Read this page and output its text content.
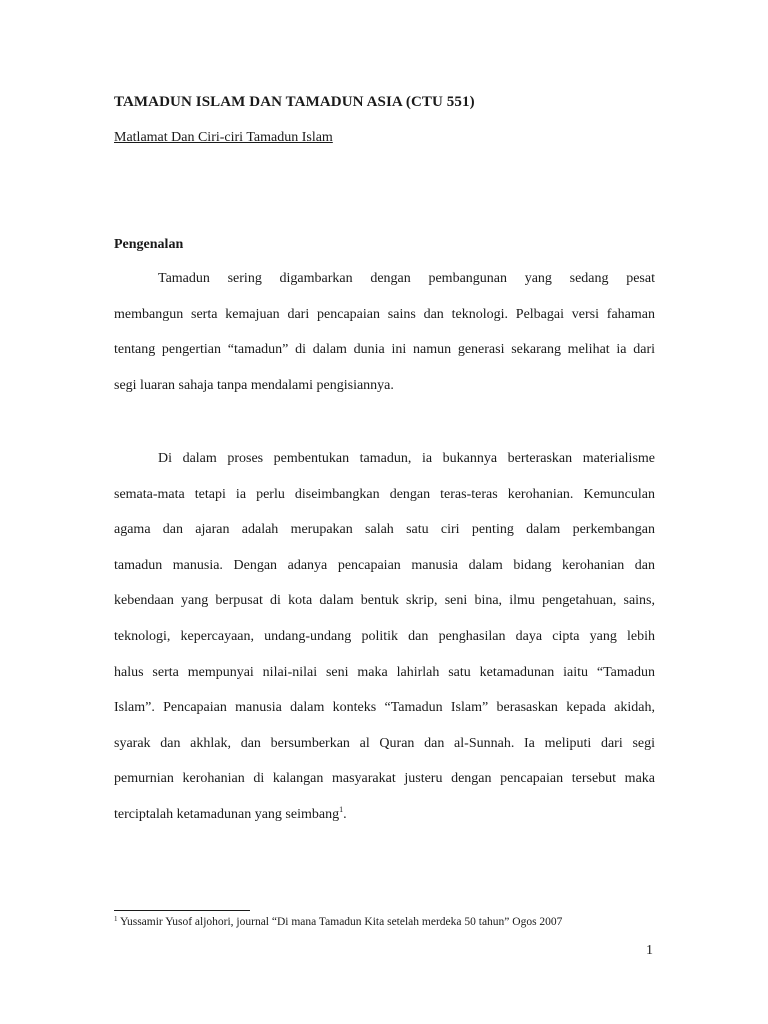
TAMADUN ISLAM DAN TAMADUN ASIA (CTU 551)
Matlamat Dan Ciri-ciri Tamadun Islam
Pengenalan
Tamadun sering digambarkan dengan pembangunan yang sedang pesat
membangun serta kemajuan dari pencapaian sains dan teknologi. Pelbagai versi fahaman
tentang pengertian “tamadun” di dalam dunia ini namun generasi sekarang melihat ia dari
segi luaran sahaja tanpa mendalami pengisiannya.
Di dalam proses pembentukan tamadun, ia bukannya berteraskan materialisme
semata-mata tetapi ia perlu diseimbangkan dengan teras-teras kerohanian. Kemunculan
agama dan ajaran adalah merupakan salah satu ciri penting dalam perkembangan
tamadun manusia. Dengan adanya pencapaian manusia dalam bidang kerohanian dan
kebendaan yang berpusat di kota dalam bentuk skrip, seni bina, ilmu pengetahuan, sains,
teknologi, kepercayaan, undang-undang politik dan penghasilan daya cipta yang lebih
halus serta mempunyai nilai-nilai seni maka lahirlah satu ketamadunan iaitu “Tamadun
Islam”. Pencapaian manusia dalam konteks “Tamadun Islam” berasaskan kepada akidah,
syarak dan akhlak, dan bersumberkan al Quran dan al-Sunnah. Ia meliputi dari segi
pemurnian kerohanian di kalangan masyarakat justeru dengan pencapaian tersebut maka
terciptalah ketamadunan yang seimbang$^1$.
$^1$ Yussamir Yusof aljohori, journal “Di mana Tamadun Kita setelah merdeka 50 tahun” Ogos 2007
1
